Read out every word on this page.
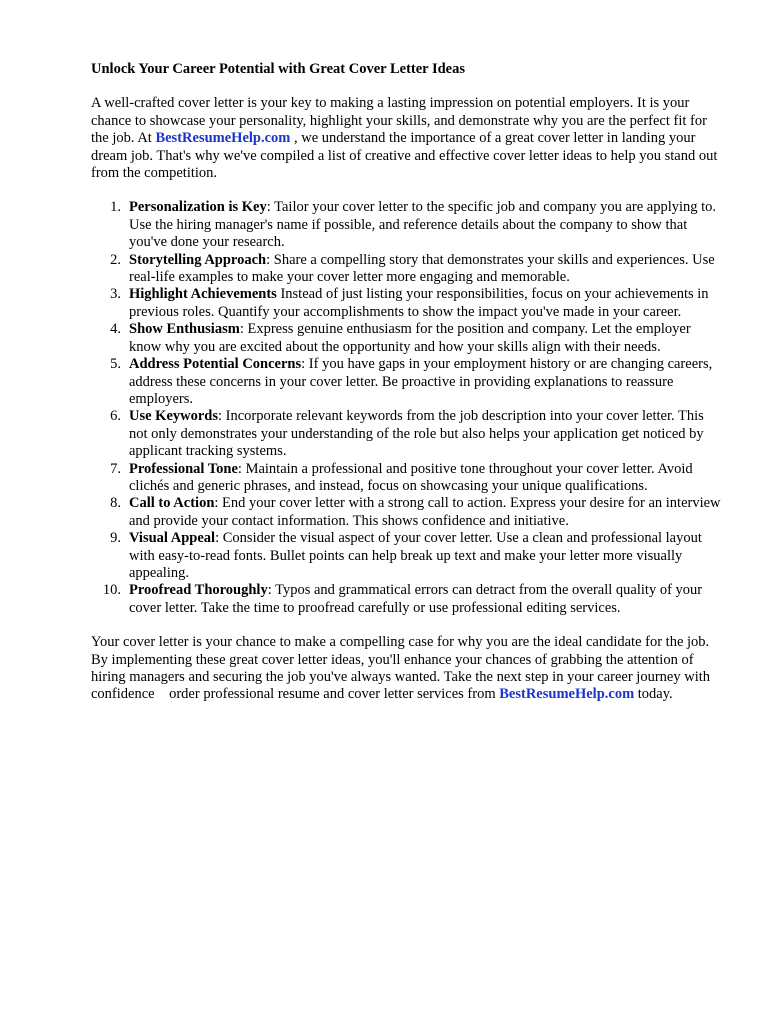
Unlock Your Career Potential with Great Cover Letter Ideas

A well-crafted cover letter is your key to making a lasting impression on potential employers. It is your chance to showcase your personality, highlight your skills, and demonstrate why you are the perfect fit for the job. At BestResumeHelp.com , we understand the importance of a great cover letter in landing your dream job. That's why we've compiled a list of creative and effective cover letter ideas to help you stand out from the competition.

1. Personalization is Key: Tailor your cover letter to the specific job and company you are applying to. Use the hiring manager's name if possible, and reference details about the company to show that you've done your research.
2. Storytelling Approach: Share a compelling story that demonstrates your skills and experiences. Use real-life examples to make your cover letter more engaging and memorable.
3. Highlight Achievements Instead of just listing your responsibilities, focus on your achievements in previous roles. Quantify your accomplishments to show the impact you've made in your career.
4. Show Enthusiasm: Express genuine enthusiasm for the position and company. Let the employer know why you are excited about the opportunity and how your skills align with their needs.
5. Address Potential Concerns: If you have gaps in your employment history or are changing careers, address these concerns in your cover letter. Be proactive in providing explanations to reassure employers.
6. Use Keywords: Incorporate relevant keywords from the job description into your cover letter. This not only demonstrates your understanding of the role but also helps your application get noticed by applicant tracking systems.
7. Professional Tone: Maintain a professional and positive tone throughout your cover letter. Avoid clichés and generic phrases, and instead, focus on showcasing your unique qualifications.
8. Call to Action: End your cover letter with a strong call to action. Express your desire for an interview and provide your contact information. This shows confidence and initiative.
9. Visual Appeal: Consider the visual aspect of your cover letter. Use a clean and professional layout with easy-to-read fonts. Bullet points can help break up text and make your letter more visually appealing.
10. Proofread Thoroughly: Typos and grammatical errors can detract from the overall quality of your cover letter. Take the time to proofread carefully or use professional editing services.

Your cover letter is your chance to make a compelling case for why you are the ideal candidate for the job. By implementing these great cover letter ideas, you'll enhance your chances of grabbing the attention of hiring managers and securing the job you've always wanted. Take the next step in your career journey with confidence    order professional resume and cover letter services from BestResumeHelp.com today.
